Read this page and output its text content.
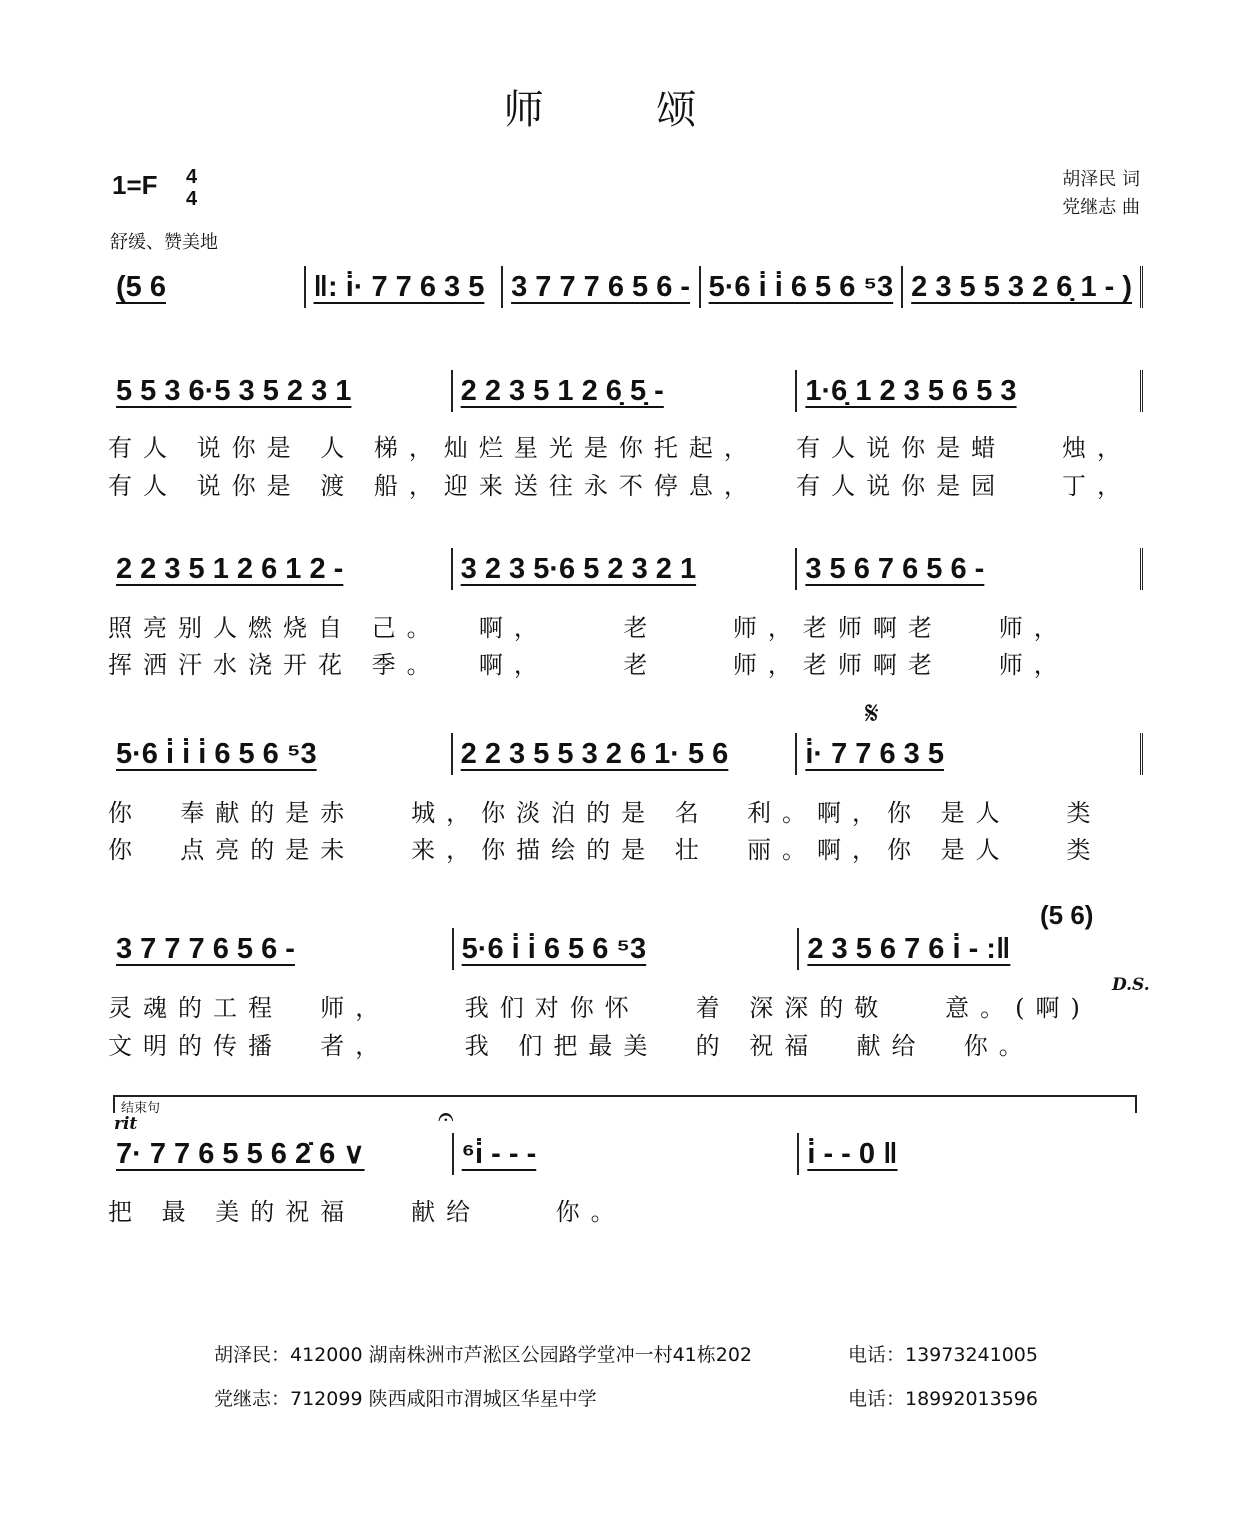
师 颂
1=F 4
4
舒缓、赞美地
胡泽民 词
党继志 曲
(5 6	‖: i̇· 7 7 6 3 5 3 7 7 7 6 5 6 - 5·6 i̇ i̇ 6 5 6 ⁵3 2 3 5 5 3 2 6̣ 1 - )
5 5 3 6·5 3 5 2 3 1	2 2 3 5 1 2 6̣ 5̣ -	1·6̣ 1 2 3 5 6 5 3
有人 说你是 人 梯，灿烂星光是你托起，  有人说你是蜡   烛，
有人 说你是 渡 船，迎来送往永不停息，  有人说你是园   丁，
2 2 3 5 1 2 6 1 2 -	3 2 3 5·6 5 2 3 2 1	3 5 6 7 6 5 6 -
照亮别人燃烧自 己。  啊，    老    师，老师啊老   师，
挥洒汗水浇开花 季。  啊，    老    师，老师啊老   师，
5·6 i̇ i̇ i̇ 6 5 6 ⁵3	2 2 3 5 5 3 2 6 1· 5 6	i̇· 7 7 6 3 5
你  奉献的是赤   城，你淡泊的是 名  利。啊，你 是人   类
你  点亮的是未   来，你描绘的是 壮  丽。啊，你 是人   类
3 7 7 7 6 5 6 -	5·6 i̇ i̇ 6 5 6 ⁵3	2 3 5 6 7 6 i̇ - :‖
灵魂的工程  师，    我们对你怀   着 深深的敬   意。(啊)
文明的传播  者，    我 们把最美  的 祝福  献给  你。
7· 7 7 6 5 5 6 2̇ 6 ∨	⁶i̇ - - -	i̇ - - 0 ‖
把 最 美的祝福   献给    你。
𝄋
(5 6)
D.S.
结束句
rit	𝄐
胡泽民：412000 湖南株洲市芦淞区公园路学堂冲一村41栋202	电话：13973241005
党继志：712099 陕西咸阳市渭城区华星中学	电话：18992013596
